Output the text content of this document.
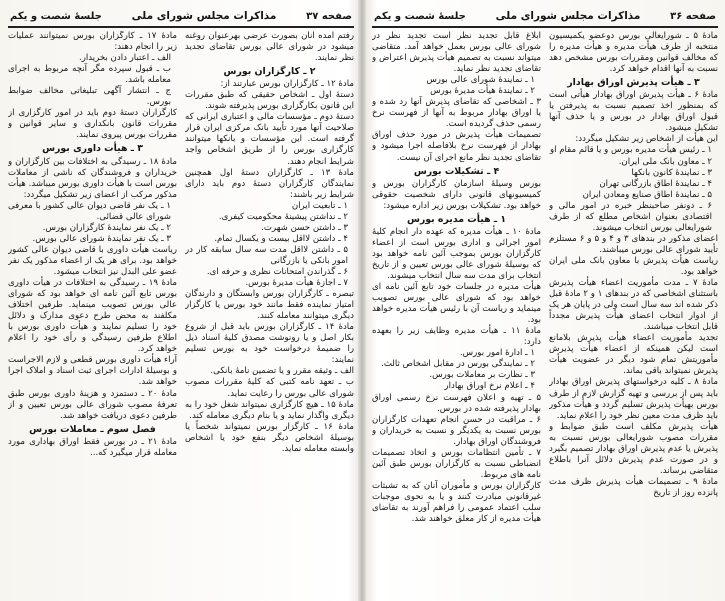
صفحه ۳۷
مذاكرات مجلس شوراى ملى
جلسهٔ شصت و یکم

رفتم آمده آنان بصورت عرضی بهرعنوان روغنه میشود در شورای عالی بورس تقاضای تجدید نظر نمایند.

۲ ـ كارگزاران بورس

مادهٔ ۱۲ ـ کارگزاران بورس عبارتند از:

دستهٔ اول ـ اشخاص حقیقی که طبق مقررات این قانون بکارگزاری بورس پذیرفته شوند.

دستهٔ دوم ـ مؤسسات مالی و اعتباری ایرانی که صلاحیت آنها مورد تأیید بانک مرکزی ایران قرار گرفته است. این مؤسسات و بانکها میتوانند کارگزاری بورس را از طریق اشخاص واجد شرایط انجام دهند.

مادهٔ ۱۳ ـ کارگزاران دستهٔ اول همچنین نمایندگان کارگزاران دستهٔ دوم باید دارای شرایط زیر باشند:

۱ ـ تابعیت ایران

۲ ـ نداشتن پیشینهٔ محکومیت کیفری.

۳ ـ داشتن حسن شهرت.

۴ ـ داشتن لااقل بیست و یکسال تمام.

۵ ـ داشتن لااقل مدت سه سال سابقه کار در امور بانکی یا بازرگانی

۶ ـ گذراندن امتحانات نظری و حرفه ای.

۷ ـ اجازهٔ هیأت مدیرهٔ بورس.

تبصره ـ کارگزاران بورس وابستگان و دارندگان امتیاز نماینده فقط مانند خود بورس یا کارگزار دیگری میتوانند معامله کنند.

مادهٔ ۱۴ ـ کارگزاران بورس باید قبل از شروع بکار اصل و یا رونوشت مصدق کلیهٔ اسناد ذیل را ضمیمهٔ درخواست خود به بورس تسلیم نمایند:

الف ـ وثیقه مقرر و یا تضمین نامهٔ بانکی.

ب ـ تعهد نامه کتبی که کلیهٔ مقررات مصوب شورای عالی بورس را رعایت نماید.

مادهٔ ۱۵ ـ هیچ کارگزاری نمیتواند شغل خود را به دیگری واگذار نماید و یا بنام دیگری معامله کند.

مادهٔ ۱۶ ـ کارگزار بورس نمیتواند شخصاً یا بوسیلهٔ اشخاص دیگر بنفع خود یا اشخاص وابسته معامله نماید.

مادهٔ ۱۷ ـ کارگزاران بورس نمیتوانند عملیات زیر را انجام دهند:

الف ـ اعتبار دادن بخریدار.

ب ـ قبول سپرده مگر آنچه مربوط به اجرای معامله باشد.

ج ـ انتشار آگهی تبلیغاتی مخالف ضوابط بورس.

کارگزاران دستهٔ دوم باید در امور کارگزاری از مقررات قانون بانکداری و سایر قوانین و مقررات بورس پیروی نمایند.

۳ ـ هیأت داوری بورس

مادهٔ ۱۸ ـ رسیدگی به اختلافات بین کارگزاران و خریداران و فروشندگان که ناشی از معاملات بورس است با هیأت داوری بورس میباشد. هیأت مذکور مرکب از اعضای زیر تشکیل میگردد:

۱ ـ یک نفر قاضی دیوان عالی کشور با معرفی شورای عالی قضائی.

۲ ـ یک نفر نمایندهٔ کارگزاران بورس.

۳ ـ یک نفر نمایندهٔ شورای عالی بورس.

ریاست هیأت داوری با قاضی دیوان عالی کشور خواهد بود. برای هر یک از اعضاء مذکور یک نفر عضو علی البدل نیز انتخاب میشود.

مادهٔ ۱۹ ـ رسیدگی به اختلافات در هیأت داوری بورس تابع آئین نامه ای خواهد بود که شورای عالی بورس تصویب مینماید. طرفین اختلاف مکلفند به محض طرح دعوی مدارک و دلائل خود را تسلیم نمایند و هیأت داوری بورس با اطلاع طرفین رسیدگی و رأی خود را اعلام خواهد کرد.

آراء هیأت داوری بورس قطعی و لازم الاجراست و بوسیلهٔ ادارات اجرای ثبت اسناد و املاک اجرا خواهد شد.

مادهٔ ۲۰ ـ دستمزد و هزینهٔ داوری بورس طبق تعرفهٔ مصوب شورای عالی بورس تعیین و از طرفین دعوی دریافت خواهد شد.

فصل سوم ـ معاملات بورس

مادهٔ ۲۱ ـ در بورس فقط اوراق بهاداری مورد معامله قرار میگیرد که...

صفحه ۳۶
مذاكرات مجلس شوراى ملى
جلسهٔ شصت و یکم

مادهٔ ۵ ـ شورایعالی بورس دوعضو یکمیسیون منتخبه از طرف هیأت مدیره و هیأت مدیره را که مخالف قوانین ومقررات بورس مشخص دهد نسبت به آنها اقدام خواهد کرد.

۳ ـ هیأت پذیرش اوراق بهادار

مادهٔ ۶ ـ هیأت پذیرش اوراق بهادار هیأتی است که بمنظور اخذ تصمیم نسبت به پذیرفتن یا قبول اوراق بهادار در بورس و یا حذف آنها تشکیل میشود.

این هیأت از اشخاص زیر تشکیل میگردد:

۱ ـ رئیس هیأت مدیره بورس و یا قائم مقام او

۲ ـ معاون بانک ملی ایران.

۳ ـ نمایندهٔ کانون بانکها

۴ ـ نمایندهٔ اطاق بازرگانی تهران

۵ ـ نمایندهٔ اطاق صنایع ومعادن ایران

۶ ـ دونفر صاحبنظر خبره در امور مالی و اقتصادی بعنوان اشخاص مطلع که از طرف شورایعالی بورس انتخاب میشوند.

اعضای مذکور در بندهای ۳ و ۴ و ۵ و ۶ مستلزم تأیید شورای عالی بورس میباشند.

ریاست هیأت پذیرش با معاون بانک ملی ایران خواهد بود.

مادهٔ ۷ ـ مدت مأموریت اعضاء هیأت پذیرش باستثنای اشخاصی که در بندهای ۱ و ۲ مادهٔ قبل ذکر شده اند سه سال است ولی در پایان هر یک از ادوار انتخاب اعضای هیأت پذیرش مجدداً قابل انتخاب میباشند.

تجدید مأموریت اعضاء هیأت پذیرش بلامانع است لیکن همینکه از اعضاء هیأت پذیرش مأموریتش تمام شود دیگر در عضویت هیأت پذیرش نمیتواند باقی بماند.

مادهٔ ۸ ـ کلیه درخواستهای پذیرش اوراق بهادار باید پس از بررسی و تهیه گزارش لازم از طرف بورس بهیأت پذیرش تسلیم گردد و هیأت مذکور باید ظرف مدت معین نظر خود را اعلام نماید.

هیأت پذیرش مکلف است طبق ضوابط و مقررات مصوب شورایعالی بورس نسبت به پذیرش یا عدم پذیرش اوراق بهادار تصمیم بگیرد و در صورت عدم پذیرش دلائل آنرا باطلاع متقاضی برساند.

مادهٔ ۹ ـ تصمیمات هیأت پذیرش ظرف مدت پانزده روز از تاریخ

ابلاغ قابل تجدید نظر است تجدید نظر در شورای عالی بورس بعمل خواهد آمد. متقاضی میتواند نسبت به تصمیم هیأت پذیرش اعتراض و تقاضای تجدید نظر نماید.

۱ ـ نمایندهٔ شورای عالی بورس

۲ ـ نمایندهٔ هیأت مدیرهٔ بورس

۳ ـ اشخاصی که تقاضای پذیرش آنها رد شده و یا اوراق بهادار مربوط به آنها از فهرست نرخ رسمی حذف گردیده است.

تصمیمات هیأت پذیرش در مورد حذف اوراق بهادار از فهرست نرخ بلافاصله اجرا میشود و تقاضای تجدید نظر مانع اجرای آن نیست.

۴ ـ تشکیلات بورس

بورس وسیلهٔ اسازمان کارگزاران بورس و کمیسیونهای قانونی دارای شخصیت حقوقی خواهد بود. تشکیلات بورس زیر اداره میشود:

۱ ـ هیأت مدیره بورس

مادهٔ ۱۰ ـ هیأت مدیره که عهده دار انجام کلیهٔ امور اجرائی و اداری بورس است از اعضاء کارگزاران بورس بموجب آئین نامه خواهد بود که بوسیلهٔ شورای عالی بورس تعیین و از تاریخ انتخاب برای مدت سه سال انتخاب میشوند.

هیأت مدیره در جلسات خود تابع آئین نامه ای خواهد بود که شورای عالی بورس تصویب مینماید و ریاست آن با رئیس هیأت مدیره خواهد بود.

مادهٔ ۱۱ ـ هیأت مدیره وظایف زیر را بعهده دارد:

۱ ـ ادارهٔ امور بورس.

۲ ـ نمایندگی بورس در مقابل اشخاص ثالث.

۳ ـ نظارت بر معاملات بورس.

۴ ـ اعلام نرخ اوراق بهادار

۵ ـ تهیه و اعلان فهرست نرخ رسمی اوراق بهادار پذیرفته شده در بورس.

۶ ـ مراقبت در حسن انجام تعهدات کارگزاران بورس نسبت به یکدیگر و نسبت به خریداران و فروشندگان اوراق بهادار.

۷ ـ تأمین انتظامات بورس و اتخاذ تصمیمات انضباطی نسبت به کارگزاران بورس طبق آئین نامه های مربوط.

کارگزاران بورس و مأموران آنان که به تشبثات غیرقانونی مبادرت کنند و یا به نحوی موجبات سلب اعتماد عمومی را فراهم آورند به تقاضای هیأت مدیره از کار معلق خواهند شد.
